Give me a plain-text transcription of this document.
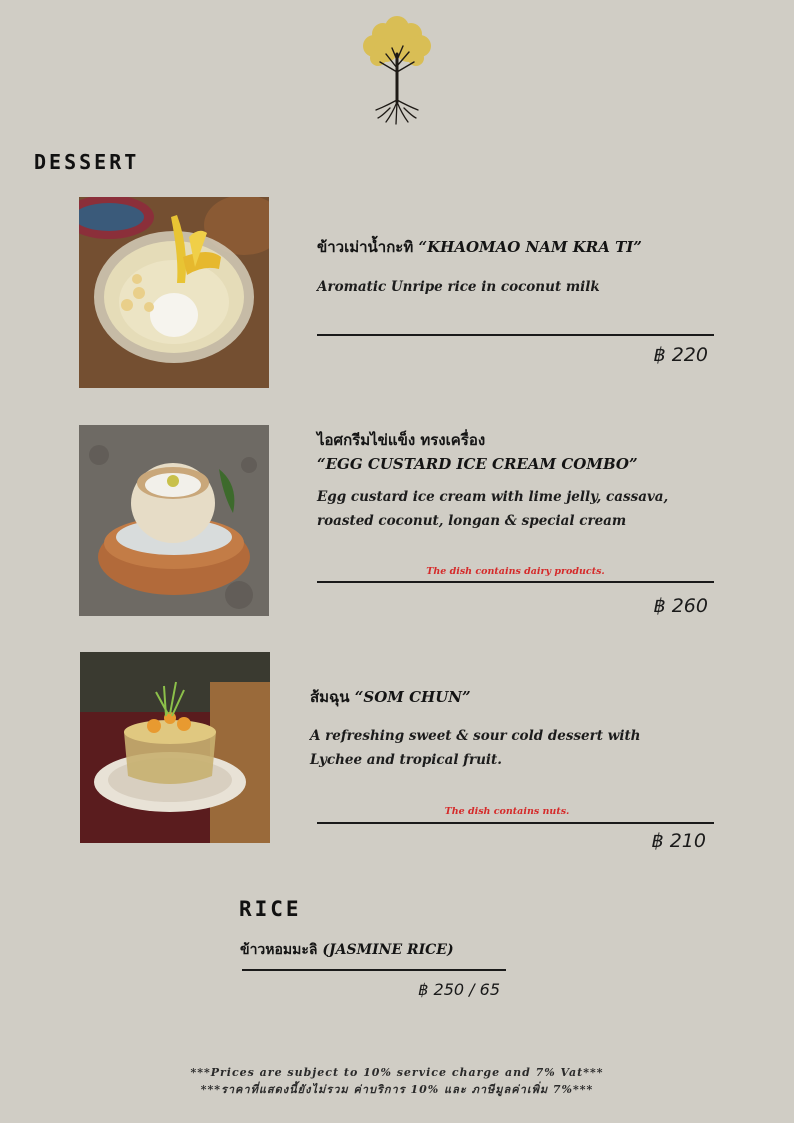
DESSERT
ข้าวเม่าน้ำกะทิ “KHAOMAO NAM KRA TI”
Aromatic Unripe rice in coconut milk
฿ 220
ไอศกรีมไข่แข็ง ทรงเครื่อง
“EGG CUSTARD ICE CREAM COMBO”
Egg custard ice cream with lime jelly, cassava,
roasted coconut, longan & special cream
The dish contains dairy products.
฿ 260
ส้มฉุน “SOM CHUN”
A refreshing sweet & sour cold dessert with
Lychee and tropical fruit.
The dish contains nuts.
฿ 210
RICE
ข้าวหอมมะลิ (JASMINE RICE)
฿ 250 / 65
***Prices are subject to 10% service charge and 7% Vat***
***ราคาที่แสดงนี้ยังไม่รวม ค่าบริการ 10% และ ภาษีมูลค่าเพิ่ม 7%***
